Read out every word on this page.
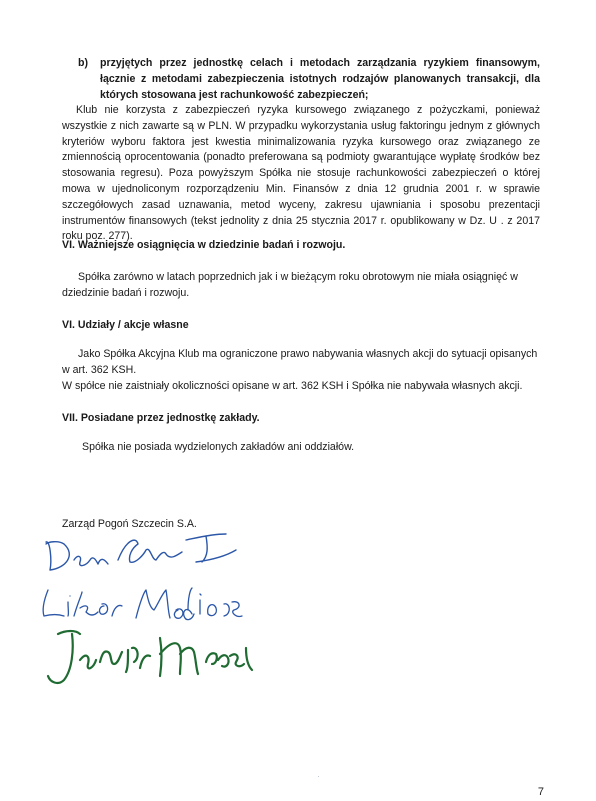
b) przyjętych przez jednostkę celach i metodach zarządzania ryzykiem finansowym, łącznie z metodami zabezpieczenia istotnych rodzajów planowanych transakcji, dla których stosowana jest rachunkowość zabezpieczeń;

Klub nie korzysta z zabezpieczeń ryzyka kursowego związanego z pożyczkami, ponieważ wszystkie z nich zawarte są w PLN. W przypadku wykorzystania usług faktoringu jednym z głównych kryteriów wyboru faktora jest kwestia minimalizowania ryzyka kursowego oraz związanego ze zmiennością oprocentowania (ponadto preferowana są podmioty gwarantujące wypłatę środków bez stosowania regresu). Poza powyższym Spółka nie stosuje rachunkowości zabezpieczeń o której mowa w ujednoliconym rozporządzeniu Min. Finansów z dnia 12 grudnia 2001 r. w sprawie szczegółowych zasad uznawania, metod wyceny, zakresu ujawniania i sposobu prezentacji instrumentów finansowych (tekst jednolity z dnia 25 stycznia 2017 r. opublikowany w Dz. U . z 2017 roku poz. 277).

VI. Ważniejsze osiągnięcia w dziedzinie badań i rozwoju.

Spółka zarówno w latach poprzednich jak i w bieżącym roku obrotowym nie miała osiągnięć w dziedzinie badań i rozwoju.

VI. Udziały / akcje własne

Jako Spółka Akcyjna Klub ma ograniczone prawo nabywania własnych akcji do sytuacji opisanych w art. 362 KSH.

W spółce nie zaistniały okoliczności opisane w art. 362 KSH i Spółka nie nabywała własnych akcji.

VII. Posiadane przez jednostkę zakłady.

Spółka nie posiada wydzielonych zakładów ani oddziałów.

Zarząd Pogoń Szczecin S.A.
7
